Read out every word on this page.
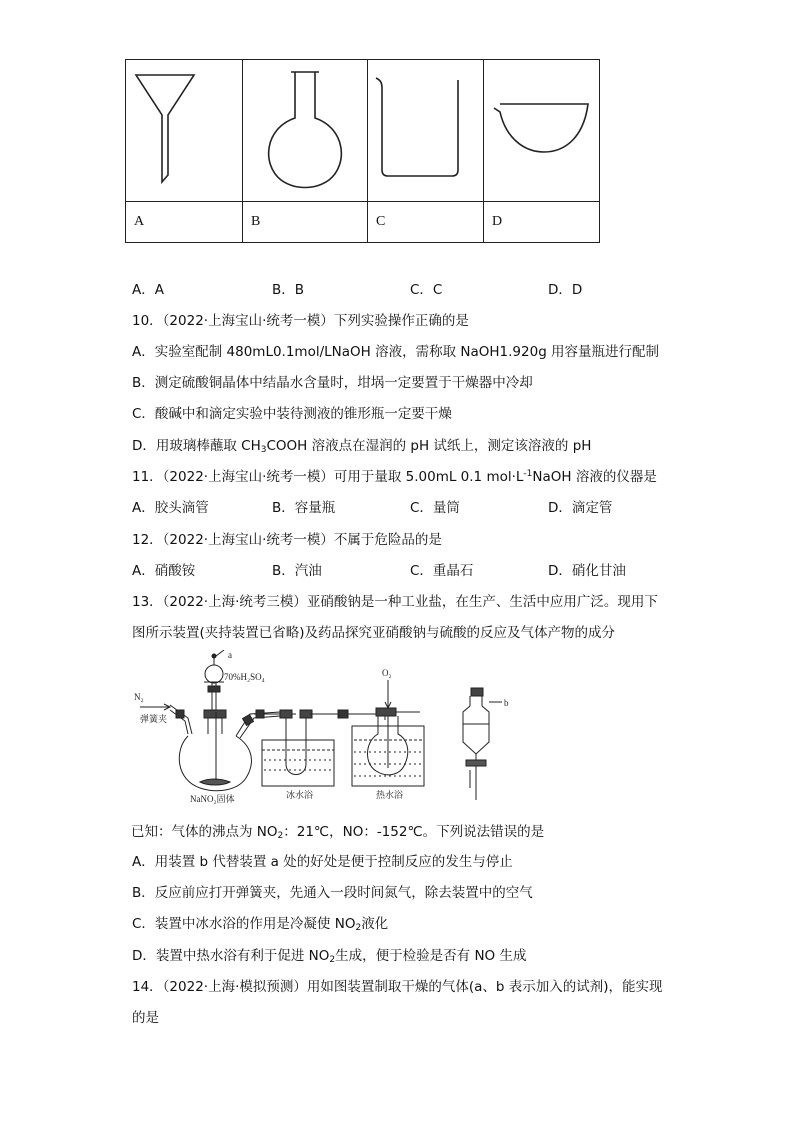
A	B	C	D
A．A	B．B	C．C	D．D
10．（2022·上海宝山·统考一模）下列实验操作正确的是
A．实验室配制 480mL0.1mol/LNaOH 溶液，需称取 NaOH1.920g 用容量瓶进行配制
B．测定硫酸铜晶体中结晶水含量时，坩埚一定要置于干燥器中冷却
C．酸碱中和滴定实验中装待测液的锥形瓶一定要干燥
D．用玻璃棒蘸取 $CH_3COOH$ 溶液点在湿润的 pH 试纸上，测定该溶液的 pH
11．（2022·上海宝山·统考一模）可用于量取 5.00mL 0.1 $mol\cdot L^{-1}NaOH$ 溶液的仪器是
A．胶头滴管	B．容量瓶	C．量筒	D．滴定管
12．（2022·上海宝山·统考一模）不属于危险品的是
A．硝酸铵	B．汽油	C．重晶石	D．硝化甘油
13．（2022·上海·统考三模）亚硝酸钠是一种工业盐，在生产、生活中应用广泛。现用下
图所示装置(夹持装置已省略)及药品探究亚硝酸钠与硫酸的反应及气体产物的成分
N₂
弹簧夹
a
70%H₂SO₄
NaNO₂固体	冰水浴
O₂
热水浴
b
已知：气体的沸点为 $NO_2$：21℃，NO：-152℃。下列说法错误的是
A．用装置 b 代替装置 a 处的好处是便于控制反应的发生与停止
B．反应前应打开弹簧夹，先通入一段时间氮气，除去装置中的空气
C．装置中冰水浴的作用是冷凝使 $NO_2$液化
D．装置中热水浴有利于促进 $NO_2$生成，便于检验是否有 NO 生成
14．（2022·上海·模拟预测）用如图装置制取干燥的气体(a、b 表示加入的试剂)，能实现
的是
